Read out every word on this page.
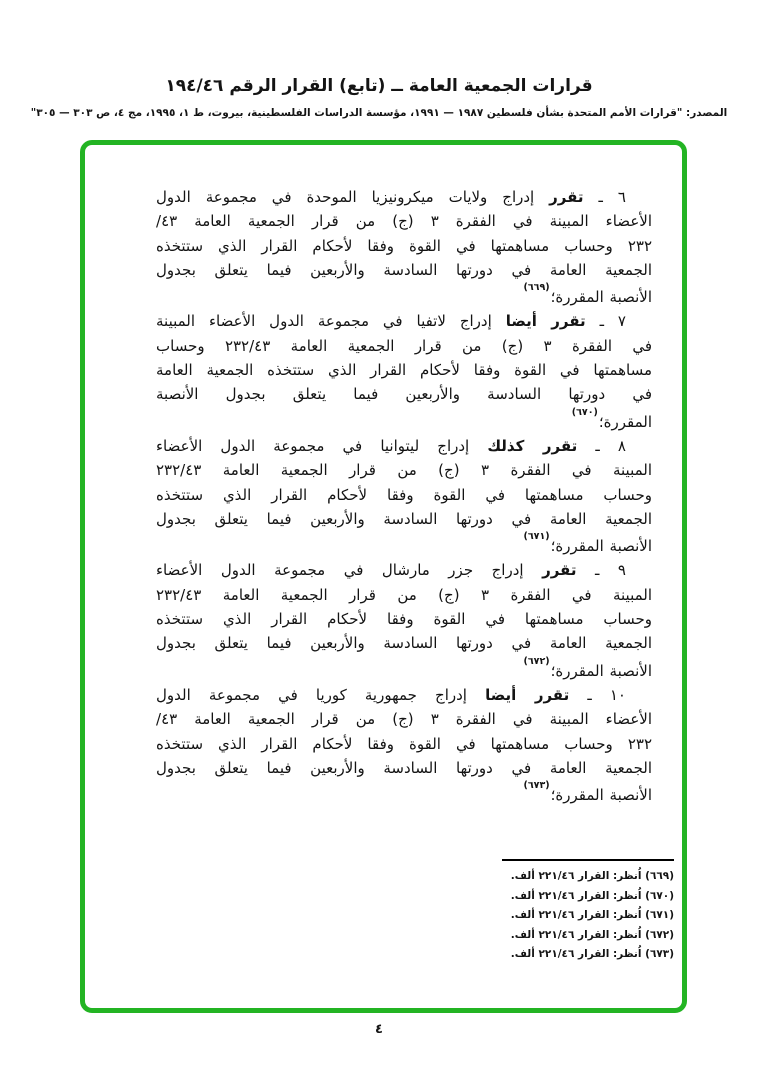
قرارات الجمعية العامة ــ (تابع) القرار الرقم ١٩٤/٤٦
المصدر: "قرارات الأمم المتحدة بشأن فلسطين ١٩٨٧ — ١٩٩١، مؤسسة الدراسات الفلسطينية، بيروت، ط ١، ١٩٩٥، مج ٤، ص ٣٠٣ — ٣٠٥"
٦ ـ تقرر إدراج ولايات ميكرونيزيا الموحدة في مجموعة الدول
الأعضاء المبينة في الفقرة ٣ (ج) من قرار الجمعية العامة ٤٣/
٢٣٢ وحساب مساهمتها في القوة وفقا لأحكام القرار الذي ستتخذه
الجمعية العامة في دورتها السادسة والأربعين فيما يتعلق بجدول
الأنصبة المقررة؛$^{(٦٦٩)}$
٧ ـ تقرر أيضا إدراج لاتفيا في مجموعة الدول الأعضاء المبينة
في الفقرة ٣ (ج) من قرار الجمعية العامة ٢٣٢/٤٣ وحساب
مساهمتها في القوة وفقا لأحكام القرار الذي ستتخذه الجمعية العامة
في دورتها السادسة والأربعين فيما يتعلق بجدول الأنصبة
المقررة؛$^{(٦٧٠)}$
٨ ـ تقرر كذلك إدراج ليتوانيا في مجموعة الدول الأعضاء
المبينة في الفقرة ٣ (ج) من قرار الجمعية العامة ٢٣٢/٤٣
وحساب مساهمتها في القوة وفقا لأحكام القرار الذي ستتخذه
الجمعية العامة في دورتها السادسة والأربعين فيما يتعلق بجدول
الأنصبة المقررة؛$^{(٦٧١)}$
٩ ـ تقرر إدراج جزر مارشال في مجموعة الدول الأعضاء
المبينة في الفقرة ٣ (ج) من قرار الجمعية العامة ٢٣٢/٤٣
وحساب مساهمتها في القوة وفقا لأحكام القرار الذي ستتخذه
الجمعية العامة في دورتها السادسة والأربعين فيما يتعلق بجدول
الأنصبة المقررة؛$^{(٦٧٢)}$
١٠ ـ تقرر أيضا إدراج جمهورية كوريا في مجموعة الدول
الأعضاء المبينة في الفقرة ٣ (ج) من قرار الجمعية العامة ٤٣/
٢٣٢ وحساب مساهمتها في القوة وفقا لأحكام القرار الذي ستتخذه
الجمعية العامة في دورتها السادسة والأربعين فيما يتعلق بجدول
الأنصبة المقررة؛$^{(٦٧٣)}$
(٦٦٩) اُنظر: القرار ٢٢١/٤٦ ألف.
(٦٧٠) اُنظر: القرار ٢٢١/٤٦ ألف.
(٦٧١) اُنظر: القرار ٢٢١/٤٦ ألف.
(٦٧٢) اُنظر: القرار ٢٢١/٤٦ ألف.
(٦٧٣) اُنظر: القرار ٢٢١/٤٦ ألف.
٤
